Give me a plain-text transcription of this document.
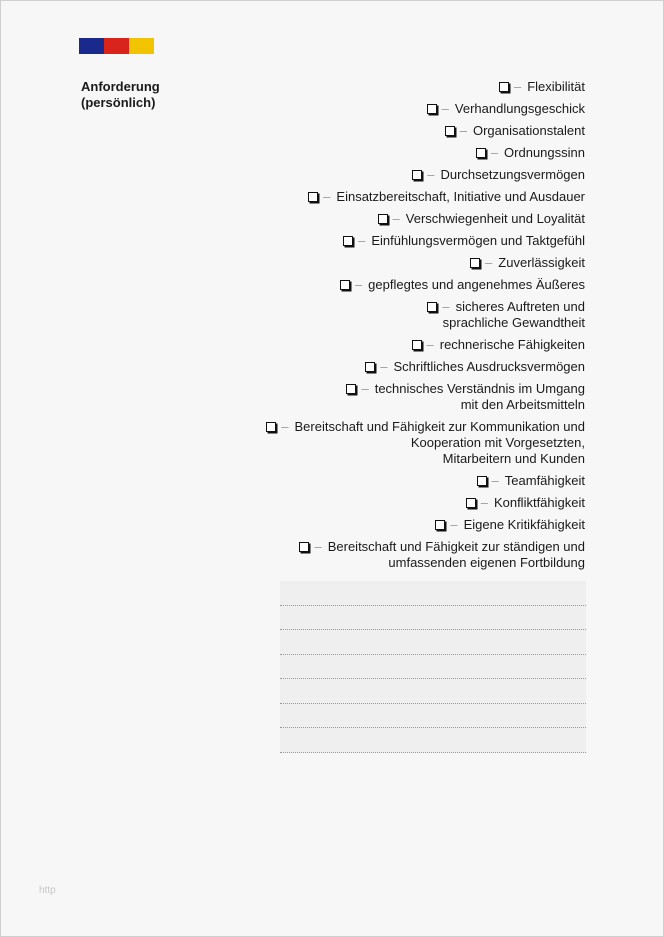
Anforderung
(persönlich)
– Flexibilität
– Verhandlungsgeschick
– Organisationstalent
– Ordnungssinn
– Durchsetzungsvermögen
– Einsatzbereitschaft, Initiative und Ausdauer
– Verschwiegenheit und Loyalität
– Einfühlungsvermögen und Taktgefühl
– Zuverlässigkeit
– gepflegtes und angenehmes Äußeres
– sicheres Auftreten und
sprachliche Gewandtheit
– rechnerische Fähigkeiten
– Schriftliches Ausdrucksvermögen
– technisches Verständnis im Umgang
mit den Arbeitsmitteln
– Bereitschaft und Fähigkeit zur Kommunikation und
Kooperation mit Vorgesetzten,
Mitarbeitern und Kunden
– Teamfähigkeit
– Konfliktfähigkeit
– Eigene Kritikfähigkeit
– Bereitschaft und Fähigkeit zur ständigen und
umfassenden eigenen Fortbildung
http
